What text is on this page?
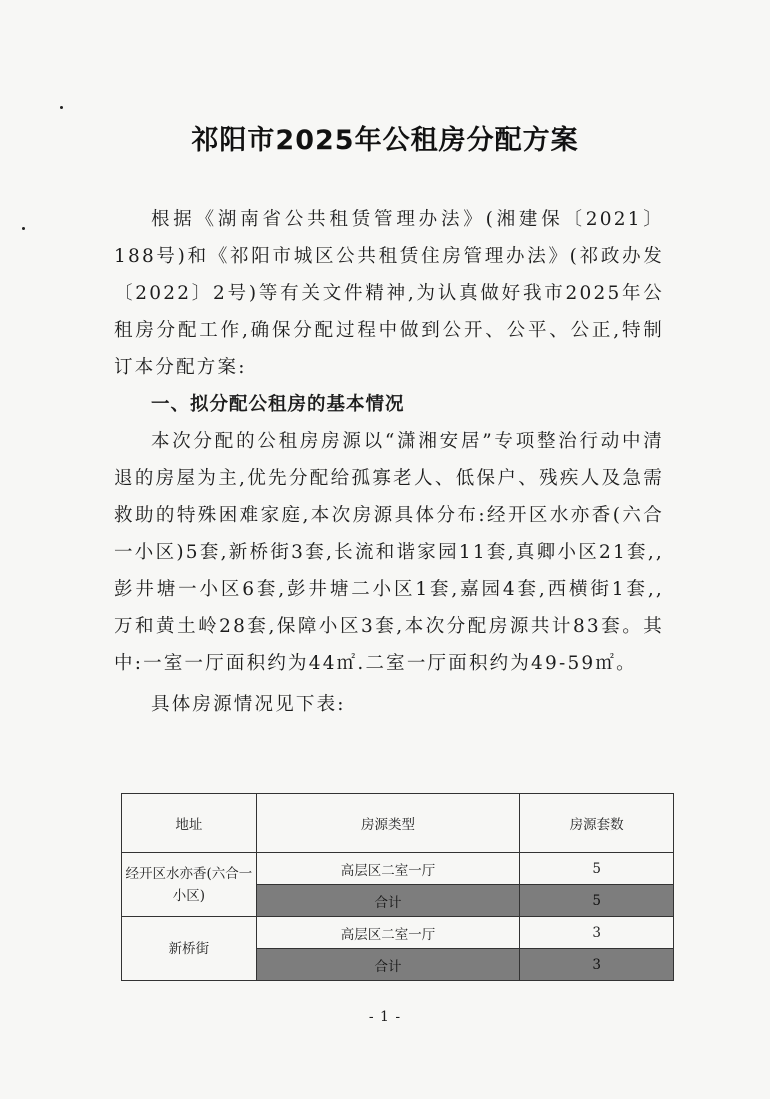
祁阳市2025年公租房分配方案

根据《湖南省公共租赁管理办法》(湘建保〔2021〕188号)和《祁阳市城区公共租赁住房管理办法》(祁政办发〔2022〕2号)等有关文件精神,为认真做好我市2025年公租房分配工作,确保分配过程中做到公开、公平、公正,特制订本分配方案:

一、拟分配公租房的基本情况

本次分配的公租房房源以“潇湘安居”专项整治行动中清退的房屋为主,优先分配给孤寡老人、低保户、残疾人及急需救助的特殊困难家庭,本次房源具体分布:经开区水亦香(六合一小区)5套,新桥街3套,长流和谐家园11套,真卿小区21套,,彭井塘一小区6套,彭井塘二小区1套,嘉园4套,西横街1套,,万和黄土岭28套,保障小区3套,本次分配房源共计83套。其中:一室一厅面积约为44㎡.二室一厅面积约为49-59㎡。

具体房源情况见下表:

地址	房源类型	房源套数
经开区水亦香(六合一小区)	高层区二室一厅	5
	合计	5
新桥街	高层区二室一厅	3
	合计	3
- 1 -
